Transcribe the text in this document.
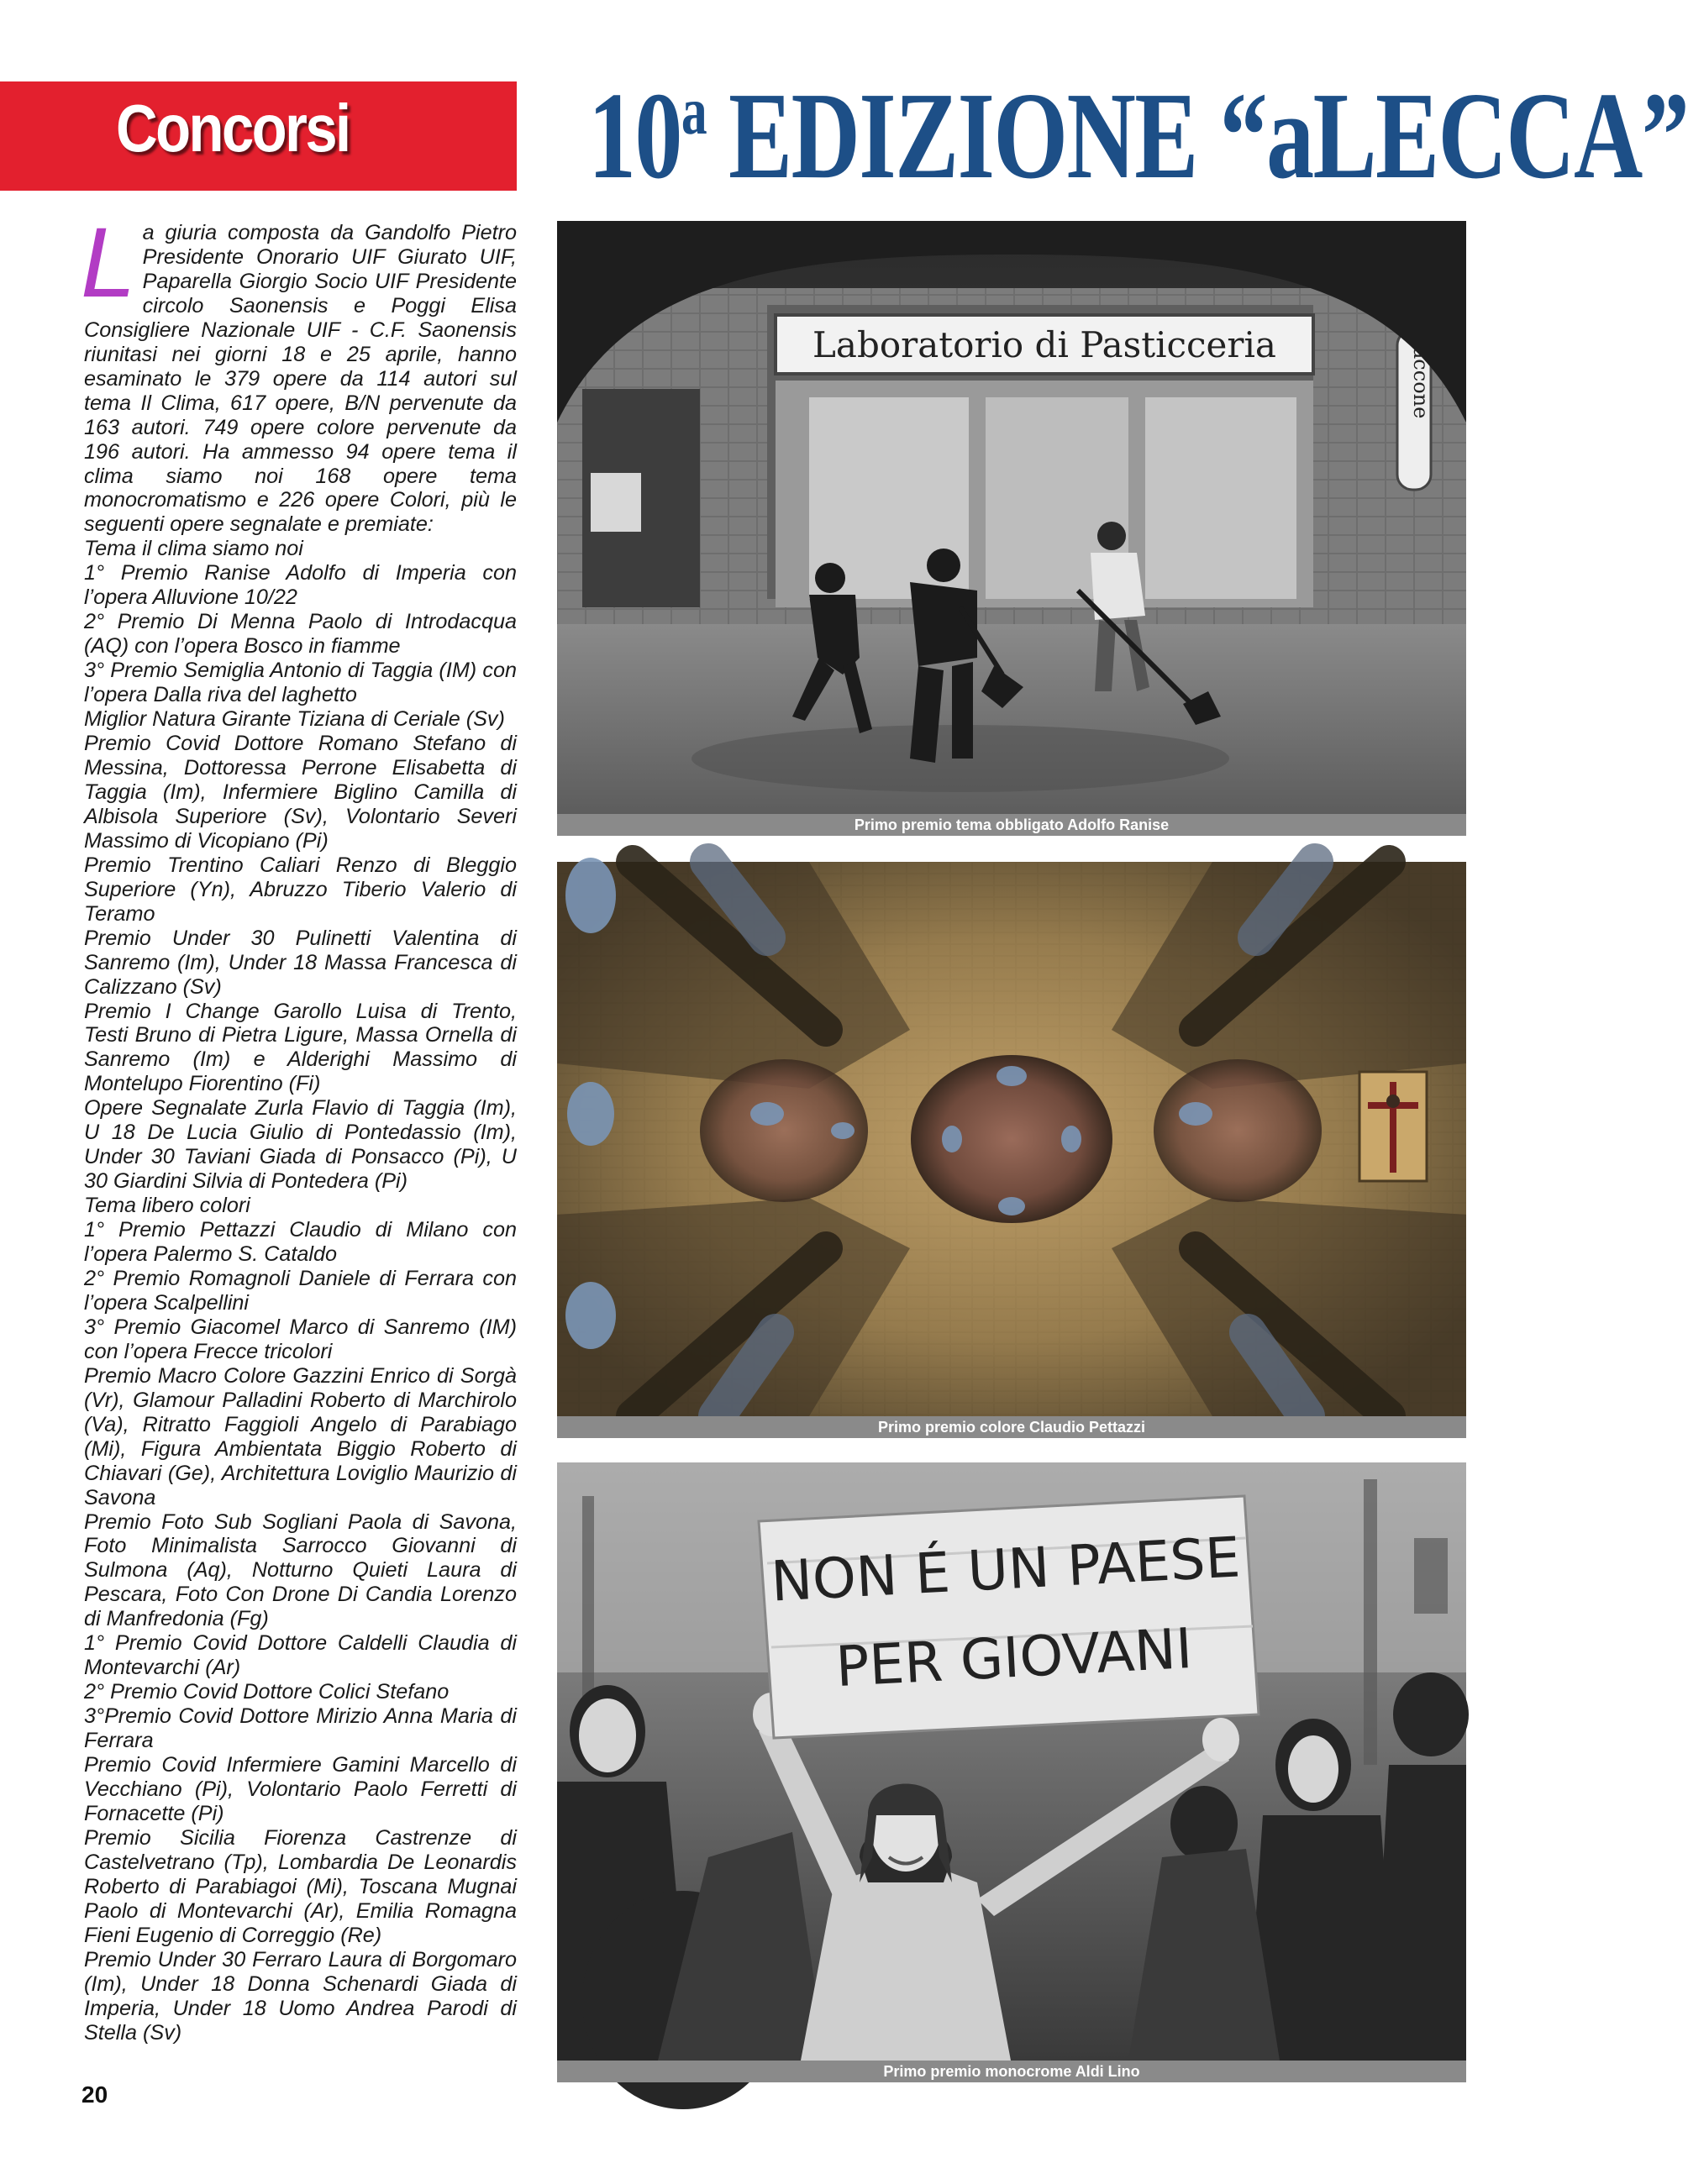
Concorsi 10$^a$ EDIZIONE “aLECCA”
La giuria composta da Gandolfo Pietro Presidente Onorario UIF Giurato UIF, Paparella Giorgio Socio UIF Presidente circolo Saonensis e Poggi Elisa Consigliere Nazionale UIF - C.F. Saonensis riunitasi nei giorni 18 e 25 aprile, hanno esaminato le 379 opere da 114 autori sul tema Il Clima, 617 opere, B/N pervenute da 163 autori. 749 opere colore pervenute da 196 autori. Ha ammesso 94 opere tema il clima siamo noi 168 opere tema monocromatismo e 226 opere Colori, più le seguenti opere segnalate e premiate:
Tema il clima siamo noi
1° Premio Ranise Adolfo di Imperia con l’opera Alluvione 10/22
2° Premio Di Menna Paolo di Introdacqua (AQ) con l’opera Bosco in fiamme
3° Premio Semiglia Antonio di Taggia (IM) con l’opera Dalla riva del laghetto
Miglior Natura Girante Tiziana di Ceriale (Sv)
Premio Covid Dottore Romano Stefano di Messina, Dottoressa Perrone Elisabetta di Taggia (Im), Infermiere Biglino Camilla di Albisola Superiore (Sv), Volontario Severi Massimo di Vicopiano (Pi)
Premio Trentino Caliari Renzo di Bleggio Superiore (Yn), Abruzzo Tiberio Valerio di Teramo
Premio Under 30 Pulinetti Valentina di Sanremo (Im), Under 18 Massa Francesca di Calizzano (Sv)
Premio I Change Garollo Luisa di Trento, Testi Bruno di Pietra Ligure, Massa Ornella di Sanremo (Im) e Alderighi Massimo di Montelupo Fiorentino (Fi)
Opere Segnalate Zurla Flavio di Taggia (Im), U 18 De Lucia Giulio di Pontedassio (Im), Under 30 Taviani Giada di Ponsacco (Pi), U 30 Giardini Silvia di Pontedera (Pi)
Tema libero colori
1° Premio Pettazzi Claudio di Milano con l’opera Palermo S. Cataldo
2° Premio Romagnoli Daniele di Ferrara con l’opera Scalpellini
3° Premio Giacomel Marco di Sanremo (IM) con l’opera Frecce tricolori
Premio Macro Colore Gazzini Enrico di Sorgà (Vr), Glamour Palladini Roberto di Marchirolo (Va), Ritratto Faggioli Angelo di Parabiago (Mi), Figura Ambientata Biggio Roberto di Chiavari (Ge), Architettura Loviglio Maurizio di Savona
Premio Foto Sub Sogliani Paola di Savona, Foto Minimalista Sarrocco Giovanni di Sulmona (Aq), Notturno Quieti Laura di Pescara, Foto Con Drone Di Candia Lorenzo di Manfredonia (Fg)
1° Premio Covid Dottore Caldelli Claudia di Montevarchi (Ar)
2° Premio Covid Dottore Colici Stefano
3°Premio Covid Dottore Mirizio Anna Maria di Ferrara
Premio Covid Infermiere Gamini Marcello di Vecchiano (Pi), Volontario Paolo Ferretti di Fornacette (Pi)
Premio Sicilia Fiorenza Castrenze di Castelvetrano (Tp), Lombardia De Leonardis Roberto di Parabiagoi (Mi), Toscana Mugnai Paolo di Montevarchi (Ar), Emilia Romagna Fieni Eugenio di Correggio (Re)
Premio Under 30 Ferraro Laura di Borgomaro (Im), Under 18 Donna Schenardi Giada di Imperia, Under 18 Uomo Andrea Parodi di Stella (Sv)
20
Laboratorio di Pasticceria
accone
Primo premio tema obbligato Adolfo Ranise
Primo premio colore Claudio Pettazzi
NON É UN PAESE
PER GIOVANI
Primo premio monocrome Aldi Lino
